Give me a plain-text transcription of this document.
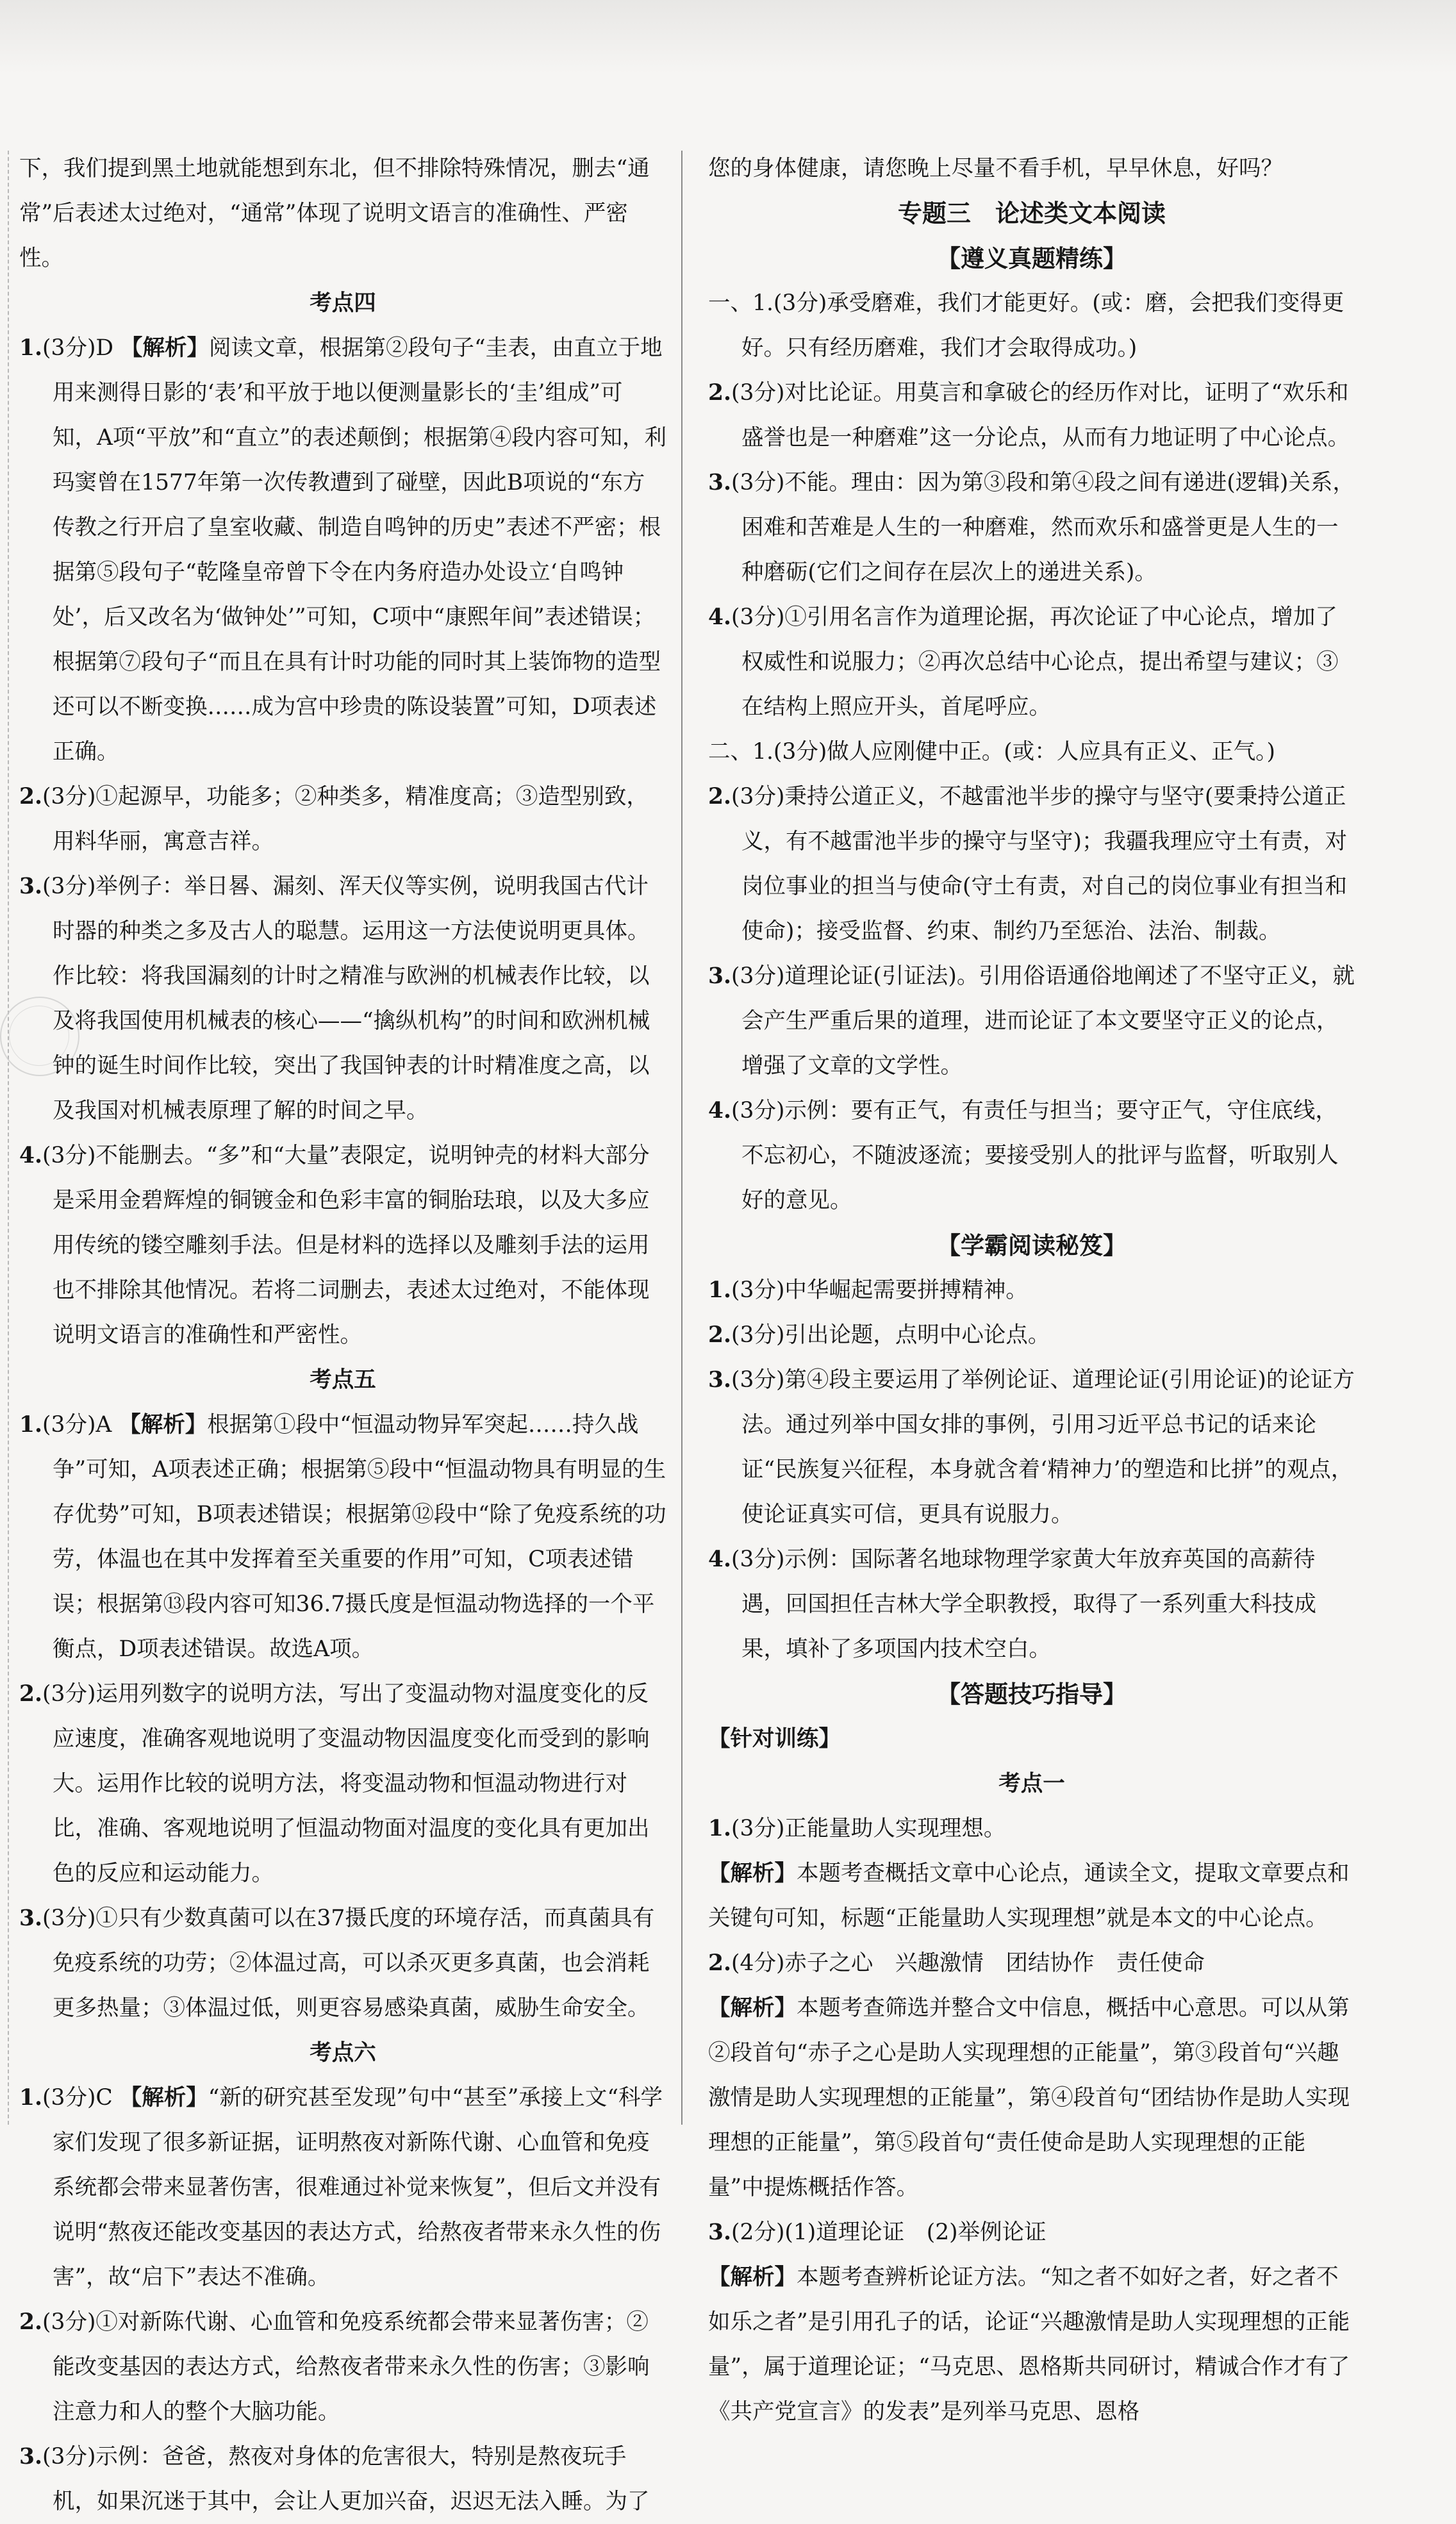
下，我们提到黑土地就能想到东北，但不排除特殊情况，删去“通常”后表述太过绝对，“通常”体现了说明文语言的准确性、严密性。

考点四

1.(3分)D 【解析】阅读文章，根据第②段句子“圭表，由直立于地用来测得日影的‘表’和平放于地以便测量影长的‘圭’组成”可知，A项“平放”和“直立”的表述颠倒；根据第④段内容可知，利玛窦曾在1577年第一次传教遭到了碰壁，因此B项说的“东方传教之行开启了皇室收藏、制造自鸣钟的历史”表述不严密；根据第⑤段句子“乾隆皇帝曾下令在内务府造办处设立‘自鸣钟处’，后又改名为‘做钟处’”可知，C项中“康熙年间”表述错误；根据第⑦段句子“而且在具有计时功能的同时其上装饰物的造型还可以不断变换……成为宫中珍贵的陈设装置”可知，D项表述正确。

2.(3分)①起源早，功能多；②种类多，精准度高；③造型别致，用料华丽，寓意吉祥。

3.(3分)举例子：举日晷、漏刻、浑天仪等实例，说明我国古代计时器的种类之多及古人的聪慧。运用这一方法使说明更具体。作比较：将我国漏刻的计时之精准与欧洲的机械表作比较，以及将我国使用机械表的核心——“擒纵机构”的时间和欧洲机械钟的诞生时间作比较，突出了我国钟表的计时精准度之高，以及我国对机械表原理了解的时间之早。

4.(3分)不能删去。“多”和“大量”表限定，说明钟壳的材料大部分是采用金碧辉煌的铜镀金和色彩丰富的铜胎珐琅，以及大多应用传统的镂空雕刻手法。但是材料的选择以及雕刻手法的运用也不排除其他情况。若将二词删去，表述太过绝对，不能体现说明文语言的准确性和严密性。

考点五

1.(3分)A 【解析】根据第①段中“恒温动物异军突起……持久战争”可知，A项表述正确；根据第⑤段中“恒温动物具有明显的生存优势”可知，B项表述错误；根据第⑫段中“除了免疫系统的功劳，体温也在其中发挥着至关重要的作用”可知，C项表述错误；根据第⑬段内容可知36.7摄氏度是恒温动物选择的一个平衡点，D项表述错误。故选A项。

2.(3分)运用列数字的说明方法，写出了变温动物对温度变化的反应速度，准确客观地说明了变温动物因温度变化而受到的影响大。运用作比较的说明方法，将变温动物和恒温动物进行对比，准确、客观地说明了恒温动物面对温度的变化具有更加出色的反应和运动能力。

3.(3分)①只有少数真菌可以在37摄氏度的环境存活，而真菌具有免疫系统的功劳；②体温过高，可以杀灭更多真菌，也会消耗更多热量；③体温过低，则更容易感染真菌，威胁生命安全。

考点六

1.(3分)C 【解析】“新的研究甚至发现”句中“甚至”承接上文“科学家们发现了很多新证据，证明熬夜对新陈代谢、心血管和免疫系统都会带来显著伤害，很难通过补觉来恢复”，但后文并没有说明“熬夜还能改变基因的表达方式，给熬夜者带来永久性的伤害”，故“启下”表达不准确。

2.(3分)①对新陈代谢、心血管和免疫系统都会带来显著伤害；②能改变基因的表达方式，给熬夜者带来永久性的伤害；③影响注意力和人的整个大脑功能。

3.(3分)示例：爸爸，熬夜对身体的危害很大，特别是熬夜玩手机，如果沉迷于其中，会让人更加兴奋，迟迟无法入睡。为了

您的身体健康，请您晚上尽量不看手机，早早休息，好吗？

专题三　论述类文本阅读

【遵义真题精练】

一、1.(3分)承受磨难，我们才能更好。(或：磨，会把我们变得更好。只有经历磨难，我们才会取得成功。)

2.(3分)对比论证。用莫言和拿破仑的经历作对比，证明了“欢乐和盛誉也是一种磨难”这一分论点，从而有力地证明了中心论点。

3.(3分)不能。理由：因为第③段和第④段之间有递进(逻辑)关系，困难和苦难是人生的一种磨难，然而欢乐和盛誉更是人生的一种磨砺(它们之间存在层次上的递进关系)。

4.(3分)①引用名言作为道理论据，再次论证了中心论点，增加了权威性和说服力；②再次总结中心论点，提出希望与建议；③在结构上照应开头，首尾呼应。

二、1.(3分)做人应刚健中正。(或：人应具有正义、正气。)

2.(3分)秉持公道正义，不越雷池半步的操守与坚守(要秉持公道正义，有不越雷池半步的操守与坚守)；我疆我理应守土有责，对岗位事业的担当与使命(守土有责，对自己的岗位事业有担当和使命)；接受监督、约束、制约乃至惩治、法治、制裁。

3.(3分)道理论证(引证法)。引用俗语通俗地阐述了不坚守正义，就会产生严重后果的道理，进而论证了本文要坚守正义的论点，增强了文章的文学性。

4.(3分)示例：要有正气，有责任与担当；要守正气，守住底线，不忘初心，不随波逐流；要接受别人的批评与监督，听取别人好的意见。

【学霸阅读秘笈】

1.(3分)中华崛起需要拼搏精神。

2.(3分)引出论题，点明中心论点。

3.(3分)第④段主要运用了举例论证、道理论证(引用论证)的论证方法。通过列举中国女排的事例，引用习近平总书记的话来论证“民族复兴征程，本身就含着‘精神力’的塑造和比拼”的观点，使论证真实可信，更具有说服力。

4.(3分)示例：国际著名地球物理学家黄大年放弃英国的高薪待遇，回国担任吉林大学全职教授，取得了一系列重大科技成果，填补了多项国内技术空白。

【答题技巧指导】

【针对训练】

考点一

1.(3分)正能量助人实现理想。

【解析】本题考查概括文章中心论点，通读全文，提取文章要点和关键句可知，标题“正能量助人实现理想”就是本文的中心论点。

2.(4分)赤子之心　兴趣激情　团结协作　责任使命

【解析】本题考查筛选并整合文中信息，概括中心意思。可以从第②段首句“赤子之心是助人实现理想的正能量”，第③段首句“兴趣激情是助人实现理想的正能量”，第④段首句“团结协作是助人实现理想的正能量”，第⑤段首句“责任使命是助人实现理想的正能量”中提炼概括作答。

3.(2分)(1)道理论证　(2)举例论证

【解析】本题考查辨析论证方法。“知之者不如好之者，好之者不如乐之者”是引用孔子的话，论证“兴趣激情是助人实现理想的正能量”，属于道理论证；“马克思、恩格斯共同研讨，精诚合作才有了《共产党宣言》的发表”是列举马克思、恩格
